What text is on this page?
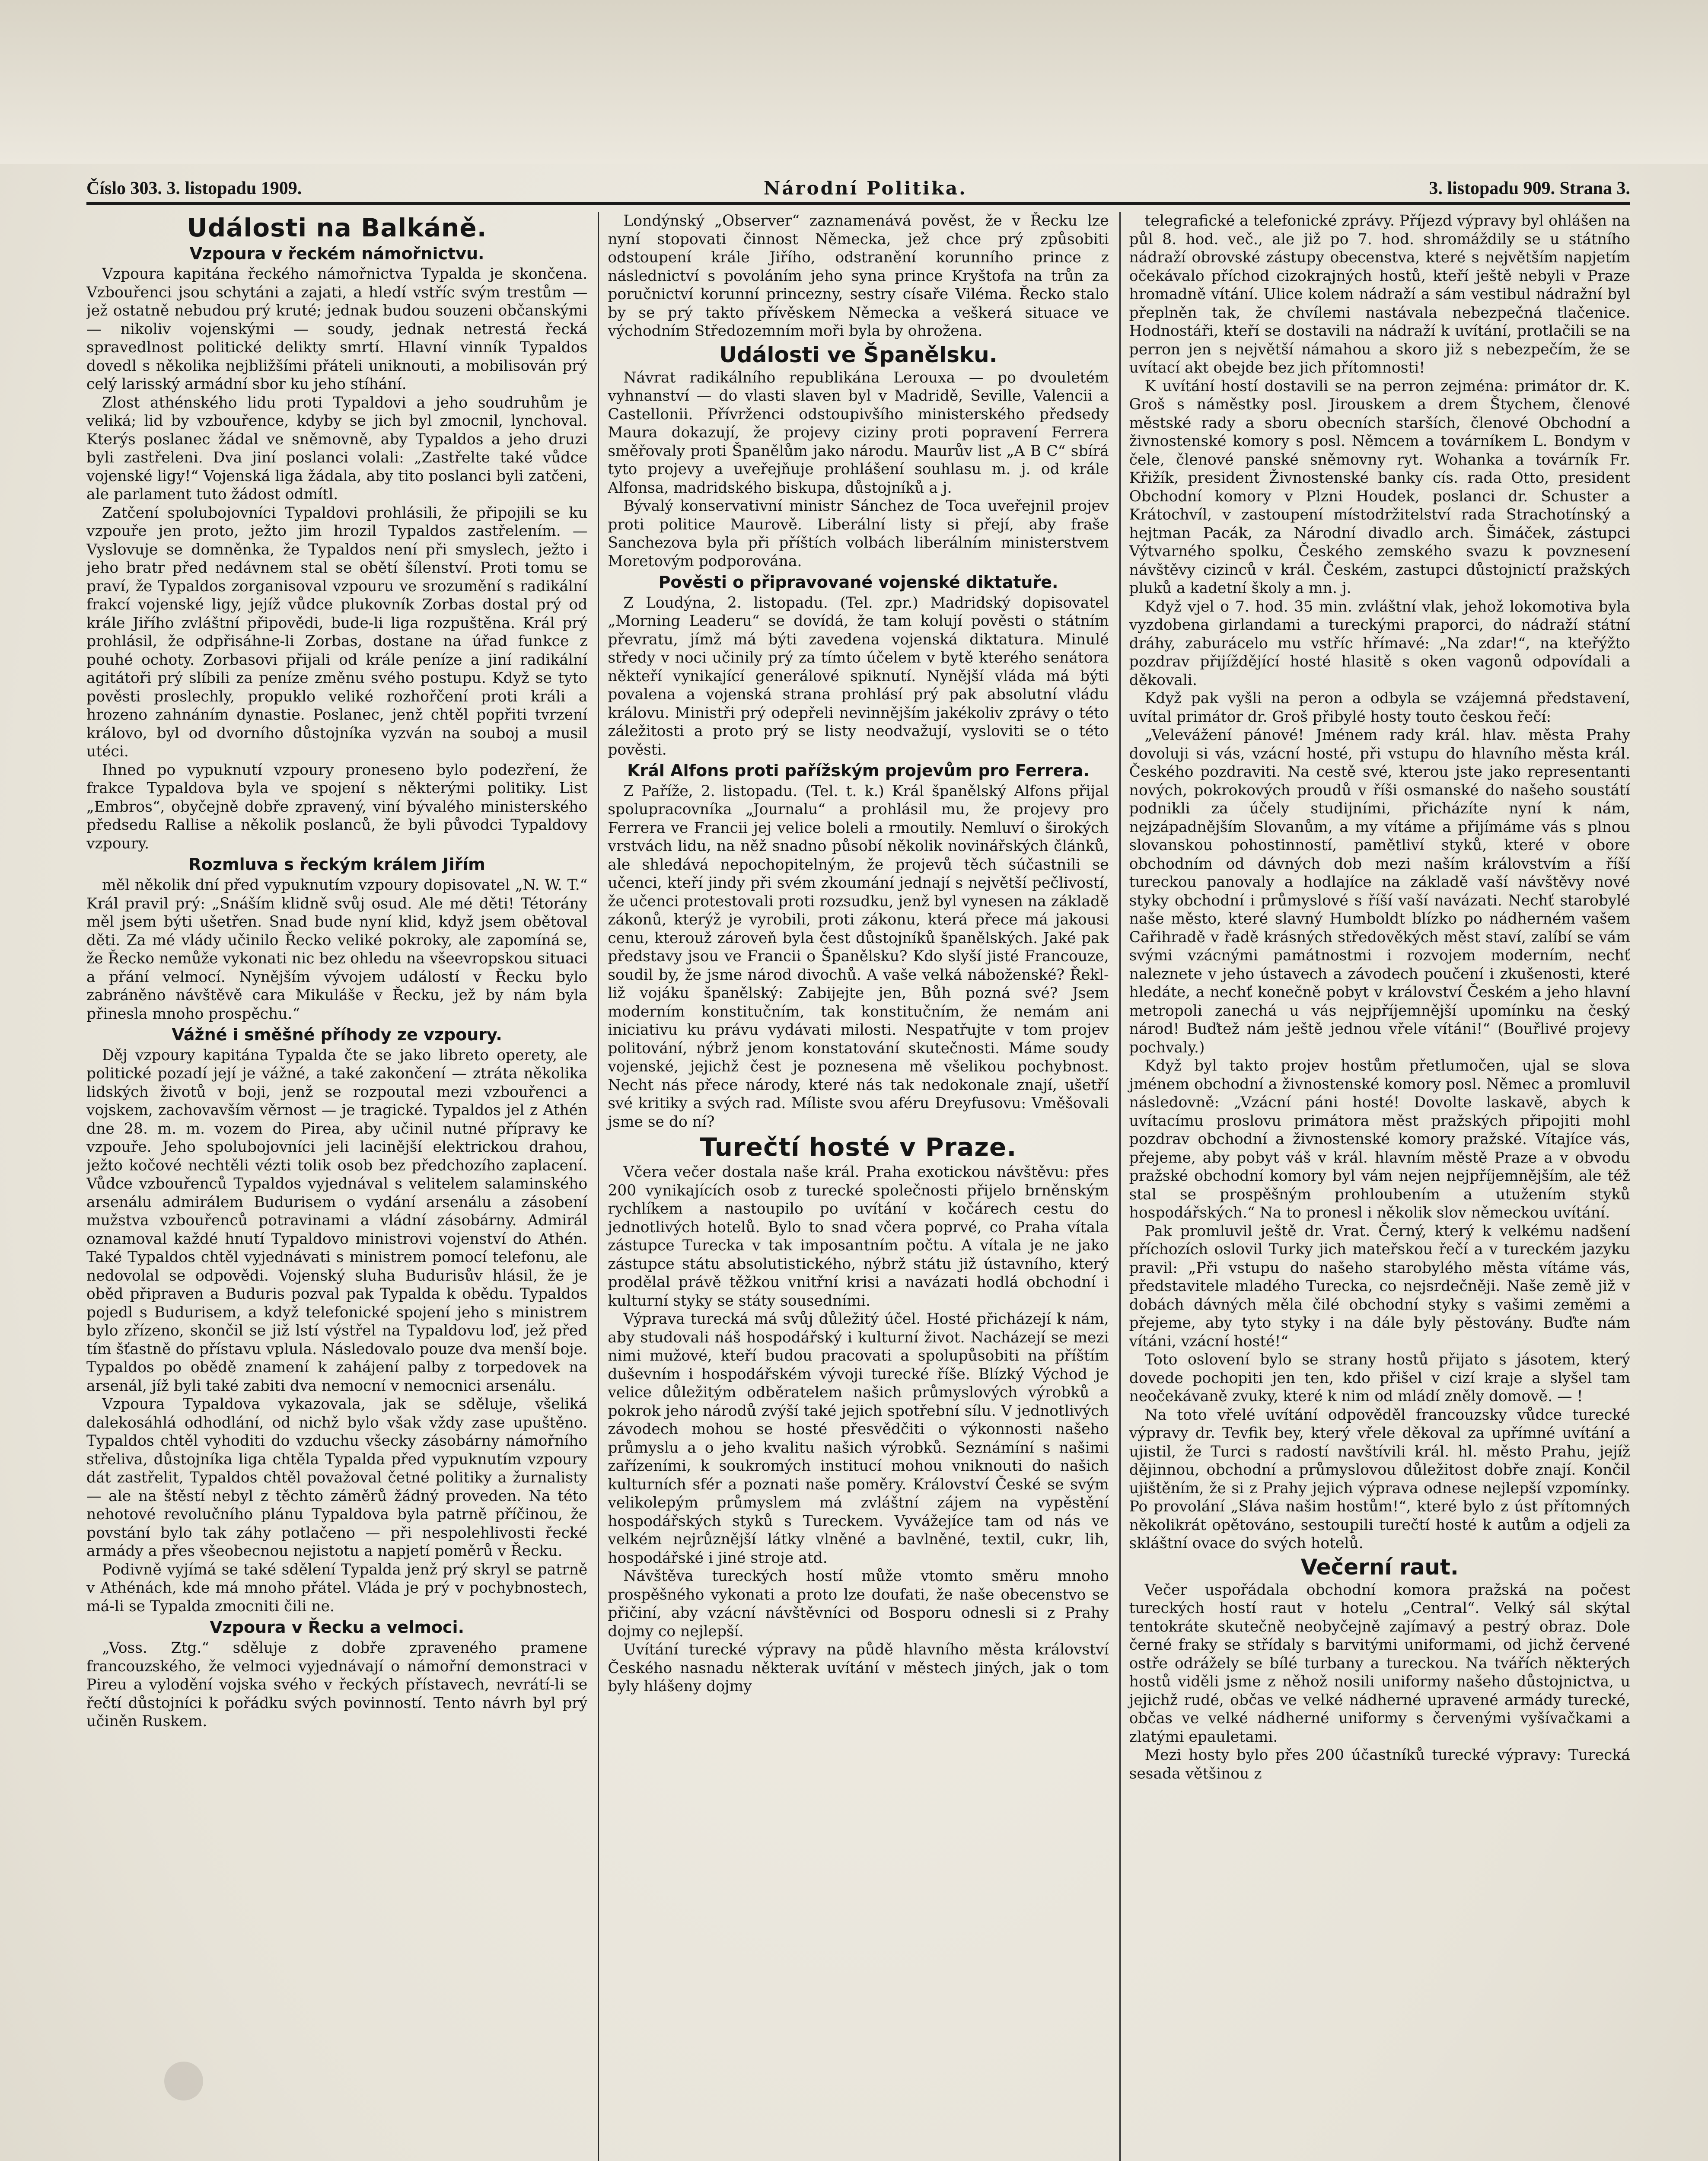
Číslo 303. 3. listopadu 1909.	Národní Politika.	3. listopadu 909. Strana 3.
Události na Balkáně.
Vzpoura v řeckém námořnictvu.

Vzpoura kapitána řeckého námořnictva Typalda je skončena. Vzbouřenci jsou schytáni a zajati, a hledí vstříc svým trestům — jež ostatně nebudou prý kruté; jednak budou souzeni občanskými — nikoliv vojenskými — soudy, jednak netrestá řecká spravedlnost politické delikty smrtí. Hlavní vinník Typaldos dovedl s několika nejbližšími přáteli uniknouti, a mobilisován prý celý larisský armádní sbor ku jeho stíhání.

Zlost athénského lidu proti Typaldovi a jeho soudruhům je veliká; lid by vzbouřence, kdyby se jich byl zmocnil, lynchoval. Kterýs poslanec žádal ve sněmovně, aby Typaldos a jeho druzi byli zastřeleni. Dva jiní poslanci volali: „Zastřelte také vůdce vojenské ligy!“ Vojenská liga žádala, aby tito poslanci byli zatčeni, ale parlament tuto žádost odmítl.

Zatčení spolubojovníci Typaldovi prohlásili, že připojili se ku vzpouře jen proto, ježto jim hrozil Typaldos zastřelením. — Vyslovuje se domněnka, že Typaldos není při smyslech, ježto i jeho bratr před nedávnem stal se obětí šílenství. Proti tomu se praví, že Typaldos zorganisoval vzpouru ve srozumění s radikální frakcí vojenské ligy, jejíž vůdce plukovník Zorbas dostal prý od krále Jiřího zvláštní připovědi, bude-li liga rozpuštěna. Král prý prohlásil, že odpřisáhne-li Zorbas, dostane na úřad funkce z pouhé ochoty. Zorbasovi přijali od krále peníze a jiní radikální agitátoři prý slíbili za peníze změnu svého postupu. Když se tyto pověsti proslechly, propuklo veliké rozhořčení proti králi a hrozeno zahnáním dynastie. Poslanec, jenž chtěl popřiti tvrzení královo, byl od dvorního důstojníka vyzván na souboj a musil utéci.

Ihned po vypuknutí vzpoury proneseno bylo podezření, že frakce Typaldova byla ve spojení s některými politiky. List „Embros“, obyčejně dobře zpravený, viní bývalého ministerského předsedu Rallise a několik poslanců, že byli původci Typaldovy vzpoury.

Rozmluva s řeckým králem Jiřím

měl několik dní před vypuknutím vzpoury dopisovatel „N. W. T.“ Král pravil prý: „Snáším klidně svůj osud. Ale mé děti! Tétorány měl jsem býti ušetřen. Snad bude nyní klid, když jsem obětoval děti. Za mé vlády učinilo Řecko veliké pokroky, ale zapomíná se, že Řecko nemůže vykonati nic bez ohledu na všeevropskou situaci a přání velmocí. Nynějším vývojem událostí v Řecku bylo zabráněno návštěvě cara Mikuláše v Řecku, jež by nám byla přinesla mnoho prospěchu.“

Vážné i směšné příhody ze vzpoury.

Děj vzpoury kapitána Typalda čte se jako libreto operety, ale politické pozadí její je vážné, a také zakončení — ztráta několika lidských životů v boji, jenž se rozpoutal mezi vzbouřenci a vojskem, zachovavším věrnost — je tragické. Typaldos jel z Athén dne 28. m. m. vozem do Pirea, aby učinil nutné přípravy ke vzpouře. Jeho spolubojovníci jeli lacinější elektrickou drahou, ježto kočové nechtěli vézti tolik osob bez předchozího zaplacení. Vůdce vzbouřenců Typaldos vyjednával s velitelem salaminského arsenálu admirálem Budurisem o vydání arsenálu a zásobení mužstva vzbouřenců potravinami a vládní zásobárny. Admirál oznamoval každé hnutí Typaldovo ministrovi vojenství do Athén. Také Typaldos chtěl vyjednávati s ministrem pomocí telefonu, ale nedovolal se odpovědi. Vojenský sluha Budurisův hlásil, že je oběd připraven a Buduris pozval pak Typalda k obědu. Typaldos pojedl s Budurisem, a když telefonické spojení jeho s ministrem bylo zřízeno, skončil se již lstí výstřel na Typaldovu loď, jež před tím šťastně do přístavu vplula. Následovalo pouze dva menší boje. Typaldos po obědě znamení k zahájení palby z torpedovek na arsenál, jíž byli také zabiti dva nemocní v nemocnici arsenálu.

Vzpoura Typaldova vykazovala, jak se sděluje, všeliká dalekosáhlá odhodlání, od nichž bylo však vždy zase upuštěno. Typaldos chtěl vyhoditi do vzduchu všecky zásobárny námořního střeliva, důstojníka liga chtěla Typalda před vypuknutím vzpoury dát zastřelit, Typaldos chtěl považoval četné politiky a žurnalisty — ale na štěstí nebyl z těchto záměrů žádný proveden. Na této nehotové revolučního plánu Typaldova byla patrně příčinou, že povstání bylo tak záhy potlačeno — při nespolehlivosti řecké armády a přes všeobecnou nejistotu a napjetí poměrů v Řecku.

Podivně vyjímá se také sdělení Typalda jenž prý skryl se patrně v Athénách, kde má mnoho přátel. Vláda je prý v pochybnostech, má-li se Typalda zmocniti čili ne.

Vzpoura v Řecku a velmoci.

„Voss. Ztg.“ sděluje z dobře zpraveného pramene francouzského, že velmoci vyjednávají o námořní demonstraci v Pireu a vylodění vojska svého v řeckých přístavech, nevrátí-li se řečtí důstojníci k pořádku svých povinností. Tento návrh byl prý učiněn Ruskem.

Londýnský „Observer“ zaznamenává pověst, že v Řecku lze nyní stopovati činnost Německa, jež chce prý způsobiti odstoupení krále Jiřího, odstranění korunního prince z následnictví s povoláním jeho syna prince Kryštofa na trůn za poručnictví korunní princezny, sestry císaře Viléma. Řecko stalo by se prý takto přívěskem Německa a veškerá situace ve východním Středozemním moři byla by ohrožena.

Události ve Španělsku.

Návrat radikálního republikána Lerouxa — po dvouletém vyhnanství — do vlasti slaven byl v Madridě, Seville, Valencii a Castellonii. Přívrženci odstoupivšího ministerského předsedy Maura dokazují, že projevy ciziny proti popravení Ferrera směřovaly proti Španělům jako národu. Maurův list „A B C“ sbírá tyto projevy a uveřejňuje prohlášení souhlasu m. j. od krále Alfonsa, madridského biskupa, důstojníků a j.

Bývalý konservativní ministr Sánchez de Toca uveřejnil projev proti politice Maurově. Liberální listy si přejí, aby fraše Sanchezova byla při příštích volbách liberálním ministerstvem Moretovým podporována.

Pověsti o připravované vojenské diktatuře.

Z Loudýna, 2. listopadu. (Tel. zpr.) Madridský dopisovatel „Morning Leaderu“ se dovídá, že tam kolují pověsti o státním převratu, jímž má býti zavedena vojenská diktatura. Minulé středy v noci učinily prý za tímto účelem v bytě kterého senátora někteří vynikající generálové spiknutí. Nynější vláda má býti povalena a vojenská strana prohlásí prý pak absolutní vládu královu. Ministři prý odepřeli nevinnějším jakékoliv zprávy o této záležitosti a proto prý se listy neodvažují, vysloviti se o této pověsti.

Král Alfons proti pařížským projevům pro Ferrera.

Z Paříže, 2. listopadu. (Tel. t. k.) Král španělský Alfons přijal spolupracovníka „Journalu“ a prohlásil mu, že projevy pro Ferrera ve Francii jej velice boleli a rmoutily. Nemluví o širokých vrstvách lidu, na něž snadno působí několik novinářských článků, ale shledává nepochopitelným, že projevů těch súčastnili se učenci, kteří jindy při svém zkoumání jednají s největší pečlivostí, že učenci protestovali proti rozsudku, jenž byl vynesen na základě zákonů, kterýž je vyrobili, proti zákonu, která přece má jakousi cenu, kterouž zároveň byla čest důstojníků španělských. Jaké pak představy jsou ve Francii o Španělsku? Kdo slyší jisté Francouze, soudil by, že jsme národ divochů. A vaše velká náboženské? Řekl-liž vojáku španělský: Zabijejte jen, Bůh pozná své? Jsem moderním konstitučním, tak konstitučním, že nemám ani iniciativu ku právu vydávati milosti. Nespatřujte v tom projev politování, nýbrž jenom konstatování skutečnosti. Máme soudy vojenské, jejichž čest je poznesena mě všelikou pochybnost. Necht nás přece národy, které nás tak nedokonale znají, ušetří své kritiky a svých rad. Míliste svou aféru Dreyfusovu: Vměšovali jsme se do ní?

Turečtí hosté v Praze.

Včera večer dostala naše král. Praha exotickou návštěvu: přes 200 vynikajících osob z turecké společnosti přijelo brněnským rychlíkem a nastoupilo po uvítání v kočárech cestu do jednotlivých hotelů. Bylo to snad včera poprvé, co Praha vítala zástupce Turecka v tak imposantním počtu. A vítala je ne jako zástupce státu absolutistického, nýbrž státu již ústavního, který prodělal právě těžkou vnitřní krisi a navázati hodlá obchodní i kulturní styky se státy sousedními.

Výprava turecká má svůj důležitý účel. Hosté přicházejí k nám, aby studovali náš hospodářský i kulturní život. Nacházejí se mezi nimi mužové, kteří budou pracovati a spolupůsobiti na příštím duševním i hospodářském vývoji turecké říše. Blízký Východ je velice důležitým odběratelem našich průmyslových výrobků a pokrok jeho národů zvýší také jejich spotřební sílu. V jednotlivých závodech mohou se hosté přesvědčiti o výkonnosti našeho průmyslu a o jeho kvalitu našich výrobků. Seznámíní s našimi zařízeními, k soukromých institucí mohou vniknouti do našich kulturních sfér a poznati naše poměry. Království České se svým velikolepým průmyslem má zvláštní zájem na vypěstění hospodářských styků s Tureckem. Vyvážejíce tam od nás ve velkém nejrůznější látky vlněné a bavlněné, textil, cukr, lih, hospodářské i jiné stroje atd.

Návštěva tureckých hostí může vtomto směru mnoho prospěšného vykonati a proto lze doufati, že naše obecenstvo se přičiní, aby vzácní návštěvníci od Bosporu odnesli si z Prahy dojmy co nejlepší.

Uvítání turecké výpravy na půdě hlavního města království Českého nasnadu některak uvítání v městech jiných, jak o tom byly hlášeny dojmy

telegrafické a telefonické zprávy. Příjezd výpravy byl ohlášen na půl 8. hod. več., ale již po 7. hod. shromáždily se u státního nádraží obrovské zástupy obecenstva, které s největším napjetím očekávalo příchod cizokrajných hostů, kteří ještě nebyli v Praze hromadně vítání. Ulice kolem nádraží a sám vestibul nádražní byl přeplněn tak, že chvílemi nastávala nebezpečná tlačenice. Hodnostáři, kteří se dostavili na nádraží k uvítání, protlačili se na perron jen s největší námahou a skoro již s nebezpečím, že se uvítací akt obejde bez jich přítomnosti!

K uvítání hostí dostavili se na perron zejména: primátor dr. K. Groš s náměstky posl. Jirouskem a drem Štychem, členové městské rady a sboru obecních starších, členové Obchodní a živnostenské komory s posl. Němcem a továrníkem L. Bondym v čele, členové panské sněmovny ryt. Wohanka a továrník Fr. Křižík, president Živnostenské banky cís. rada Otto, president Obchodní komory v Plzni Houdek, poslanci dr. Schuster a Krátochvíl, v zastoupení místodržitelství rada Strachotínský a hejtman Pacák, za Národní divadlo arch. Šimáček, zástupci Výtvarného spolku, Českého zemského svazu k povznesení návštěvy cizinců v král. Českém, zastupci důstojnictí pražských pluků a kadetní školy a mn. j.

Když vjel o 7. hod. 35 min. zvláštní vlak, jehož lokomotiva byla vyzdobena girlandami a tureckými praporci, do nádraží státní dráhy, zaburácelo mu vstříc hřímavé: „Na zdar!“, na kteřýžto pozdrav přijíždějící hosté hlasitě s oken vagonů odpovídali a děkovali.

Když pak vyšli na peron a odbyla se vzájemná představení, uvítal primátor dr. Groš přibylé hosty touto českou řečí:

„Velevážení pánové! Jménem rady král. hlav. města Prahy dovoluji si vás, vzácní hosté, při vstupu do hlavního města král. Českého pozdraviti. Na cestě své, kterou jste jako representanti nových, pokrokových proudů v říši osmanské do našeho soustátí podnikli za účely studijními, přicházíte nyní k nám, nejzápadnějším Slovanům, a my vítáme a přijímáme vás s plnou slovanskou pohostinností, pamětliví styků, které v obore obchodním od dávných dob mezi naším královstvím a říší tureckou panovaly a hodlajíce na základě vaší návštěvy nové styky obchodní i průmyslové s říší vaší navázati. Nechť starobylé naše město, které slavný Humboldt blízko po nádherném vašem Cařihradě v řadě krásných středověkých měst staví, zalíbí se vám svými vzácnými památnostmi i rozvojem moderním, nechť naleznete v jeho ústavech a závodech poučení i zkušenosti, které hledáte, a nechť konečně pobyt v království Českém a jeho hlavní metropoli zanechá u vás nejpříjemnější upomínku na český národ! Buďtež nám ještě jednou vřele vítáni!“ (Bouřlivé projevy pochvaly.)

Když byl takto projev hostům přetlumočen, ujal se slova jménem obchodní a živnostenské komory posl. Němec a promluvil následovně: „Vzácní páni hosté! Dovolte laskavě, abych k uvítacímu proslovu primátora měst pražských připojiti mohl pozdrav obchodní a živnostenské komory pražské. Vítajíce vás, přejeme, aby pobyt váš v král. hlavním městě Praze a v obvodu pražské obchodní komory byl vám nejen nejpříjemnějším, ale též stal se prospěšným prohloubením a utužením styků hospodářských.“ Na to pronesl i několik slov německou uvítání.

Pak promluvil ještě dr. Vrat. Černý, který k velkému nadšení příchozích oslovil Turky jich mateřskou řečí a v tureckém jazyku pravil: „Při vstupu do našeho starobylého města vítáme vás, představitele mladého Turecka, co nejsrdečněji. Naše země již v dobách dávných měla čilé obchodní styky s vašimi zeměmi a přejeme, aby tyto styky i na dále byly pěstovány. Buďte nám vítáni, vzácní hosté!“

Toto oslovení bylo se strany hostů přijato s jásotem, který dovede pochopiti jen ten, kdo přišel v cizí kraje a slyšel tam neočekávaně zvuky, které k nim od mládí zněly domově. — !

Na toto vřelé uvítání odpověděl francouzsky vůdce turecké výpravy dr. Tevfik bey, který vřele děkoval za upřímné uvítání a ujistil, že Turci s radostí navštívili král. hl. město Prahu, jejíž dějinnou, obchodní a průmyslovou důležitost dobře znají. Končil ujištěním, že si z Prahy jejich výprava odnese nejlepší vzpomínky. Po provolání „Sláva našim hostům!“, které bylo z úst přítomných několikrát opětováno, sestoupili turečtí hosté k autům a odjeli za skláštní ovace do svých hotelů.

Večerní raut.

Večer uspořádala obchodní komora pražská na počest tureckých hostí raut v hotelu „Central“. Velký sál skýtal tentokráte skutečně neobyčejně zajímavý a pestrý obraz. Dole černé fraky se střídaly s barvitými uniformami, od jichž červené ostře odrážely se bílé turbany a tureckou. Na tvářích některých hostů viděli jsme z něhož nosili uniformy našeho důstojnictva, u jejichž rudé, občas ve velké nádherné upravené armády turecké, občas ve velké nádherné uniformy s červenými vyšívačkami a zlatými epauletami.

Mezi hosty bylo přes 200 účastníků turecké výpravy: Turecká sesada většinou z
